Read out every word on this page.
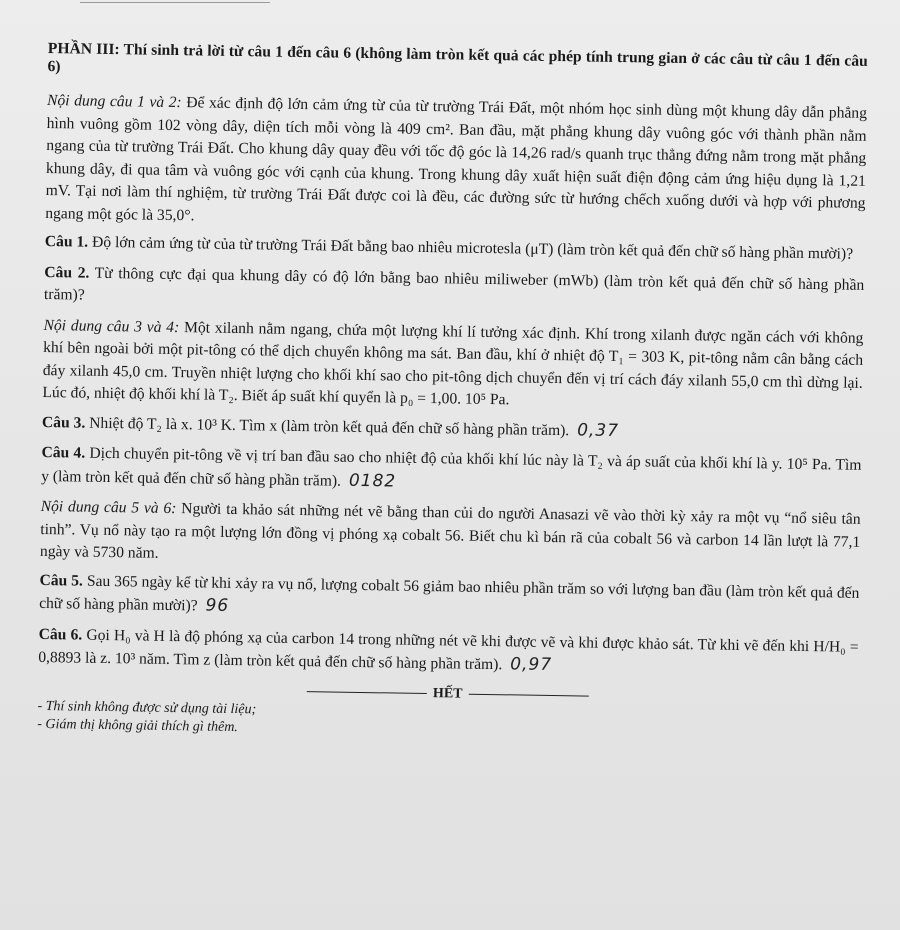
PHẦN III: Thí sinh trả lời từ câu 1 đến câu 6 (không làm tròn kết quả các phép tính trung gian ở các câu từ câu 1 đến câu 6)

Nội dung câu 1 và 2: Để xác định độ lớn cảm ứng từ của từ trường Trái Đất, một nhóm học sinh dùng một khung dây dẫn phẳng hình vuông gồm 102 vòng dây, diện tích mỗi vòng là 409 cm². Ban đầu, mặt phẳng khung dây vuông góc với thành phần nằm ngang của từ trường Trái Đất. Cho khung dây quay đều với tốc độ góc là 14,26 rad/s quanh trục thẳng đứng nằm trong mặt phẳng khung dây, đi qua tâm và vuông góc với cạnh của khung. Trong khung dây xuất hiện suất điện động cảm ứng hiệu dụng là 1,21 mV. Tại nơi làm thí nghiệm, từ trường Trái Đất được coi là đều, các đường sức từ hướng chếch xuống dưới và hợp với phương ngang một góc là 35,0°.

Câu 1. Độ lớn cảm ứng từ của từ trường Trái Đất bằng bao nhiêu microtesla (μT) (làm tròn kết quả đến chữ số hàng phần mười)?

Câu 2. Từ thông cực đại qua khung dây có độ lớn bằng bao nhiêu miliweber (mWb) (làm tròn kết quả đến chữ số hàng phần trăm)?

Nội dung câu 3 và 4: Một xilanh nằm ngang, chứa một lượng khí lí tưởng xác định. Khí trong xilanh được ngăn cách với không khí bên ngoài bởi một pit-tông có thể dịch chuyển không ma sát. Ban đầu, khí ở nhiệt độ T₁ = 303 K, pit-tông nằm cân bằng cách đáy xilanh 45,0 cm. Truyền nhiệt lượng cho khối khí sao cho pit-tông dịch chuyển đến vị trí cách đáy xilanh 55,0 cm thì dừng lại. Lúc đó, nhiệt độ khối khí là T₂. Biết áp suất khí quyển là p₀ = 1,00. 10⁵ Pa.

Câu 3. Nhiệt độ T₂ là x. 10³ K. Tìm x (làm tròn kết quả đến chữ số hàng phần trăm). 0,37

Câu 4. Dịch chuyển pit-tông về vị trí ban đầu sao cho nhiệt độ của khối khí lúc này là T₂ và áp suất của khối khí là y. 10⁵ Pa. Tìm y (làm tròn kết quả đến chữ số hàng phần trăm). 0182

Nội dung câu 5 và 6: Người ta khảo sát những nét vẽ bằng than củi do người Anasazi vẽ vào thời kỳ xảy ra một vụ “nổ siêu tân tinh”. Vụ nổ này tạo ra một lượng lớn đồng vị phóng xạ cobalt 56. Biết chu kì bán rã của cobalt 56 và carbon 14 lần lượt là 77,1 ngày và 5730 năm.

Câu 5. Sau 365 ngày kể từ khi xảy ra vụ nổ, lượng cobalt 56 giảm bao nhiêu phần trăm so với lượng ban đầu (làm tròn kết quả đến chữ số hàng phần mười)? 96

Câu 6. Gọi H₀ và H là độ phóng xạ của carbon 14 trong những nét vẽ khi được vẽ và khi được khảo sát. Từ khi vẽ đến khi H/H₀ = 0,8893 là z. 10³ năm. Tìm z (làm tròn kết quả đến chữ số hàng phần trăm). 0,97

HẾT

- Thí sinh không được sử dụng tài liệu;

- Giám thị không giải thích gì thêm.
